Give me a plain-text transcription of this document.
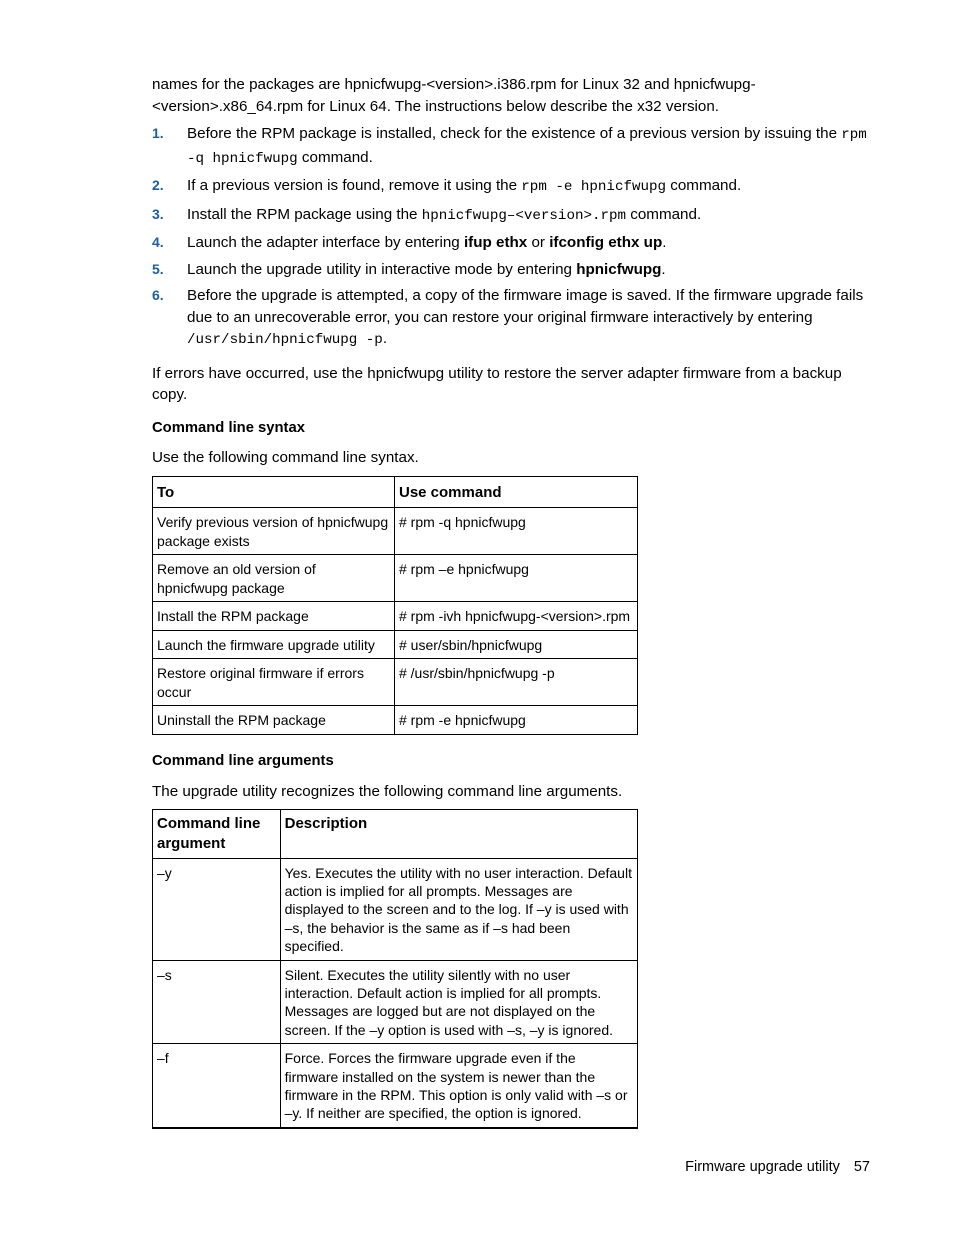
names for the packages are hpnicfwupg-<version>.i386.rpm for Linux 32 and hpnicfwupg-<version>.x86_64.rpm for Linux 64. The instructions below describe the x32 version.

1. Before the RPM package is installed, check for the existence of a previous version by issuing the rpm -q hpnicfwupg command.
2. If a previous version is found, remove it using the rpm -e hpnicfwupg command.
3. Install the RPM package using the hpnicfwupg–<version>.rpm command.
4. Launch the adapter interface by entering ifup ethx or ifconfig ethx up.
5. Launch the upgrade utility in interactive mode by entering hpnicfwupg.
6. Before the upgrade is attempted, a copy of the firmware image is saved. If the firmware upgrade fails due to an unrecoverable error, you can restore your original firmware interactively by entering /usr/sbin/hpnicfwupg -p.

If errors have occurred, use the hpnicfwupg utility to restore the server adapter firmware from a backup copy.

Command line syntax

Use the following command line syntax.

To	Use command
Verify previous version of hpnicfwupg package exists	# rpm -q hpnicfwupg
Remove an old version of hpnicfwupg package	# rpm –e hpnicfwupg
Install the RPM package	# rpm -ivh hpnicfwupg-<version>.rpm
Launch the firmware upgrade utility	# user/sbin/hpnicfwupg
Restore original firmware if errors occur	# /usr/sbin/hpnicfwupg -p
Uninstall the RPM package	# rpm -e hpnicfwupg
Command line arguments

The upgrade utility recognizes the following command line arguments.

Command line argument	Description
–y	Yes. Executes the utility with no user interaction. Default action is implied for all prompts. Messages are displayed to the screen and to the log. If –y is used with –s, the behavior is the same as if –s had been specified.
–s	Silent. Executes the utility silently with no user interaction. Default action is implied for all prompts. Messages are logged but are not displayed on the screen. If the –y option is used with –s, –y is ignored.
–f	Force. Forces the firmware upgrade even if the firmware installed on the system is newer than the firmware in the RPM. This option is only valid with –s or –y. If neither are specified, the option is ignored.
Firmware upgrade utility 57
